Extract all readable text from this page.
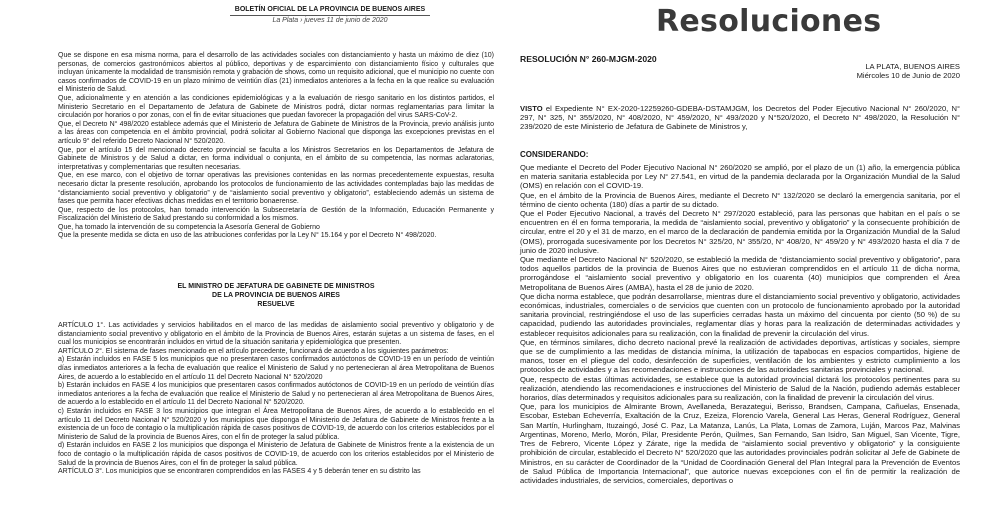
BOLETÍN OFICIAL DE LA PROVINCIA DE BUENOS AIRES
La Plata › jueves 11 de junio de 2020

Que se dispone en esa misma norma, para el desarrollo de las actividades sociales con distanciamiento y hasta un máximo de diez (10) personas, de comercios gastronómicos abiertos al público, deportivas y de esparcimiento con distanciamiento físico y culturales que incluyan únicamente la modalidad de transmisión remota y grabación de shows, como un requisito adicional, que el municipio no cuente con casos confirmados de COVID-19 en un plazo mínimo de veintiún días (21) inmediatos anteriores a la fecha en la que realice su evaluación el Ministerio de Salud.

Que, adicionalmente y en atención a las condiciones epidemiológicas y a la evaluación de riesgo sanitario en los distintos partidos, el Ministerio Secretario en el Departamento de Jefatura de Gabinete de Ministros podrá, dictar normas reglamentarias para limitar la circulación por horarios o por zonas, con el fin de evitar situaciones que puedan favorecer la propagación del virus SARS-CoV-2.

Que, el Decreto N° 498/2020 establece además que el Ministerio de Jefatura de Gabinete de Ministros de la Provincia, previo análisis junto a las áreas con competencia en el ámbito provincial, podrá solicitar al Gobierno Nacional que disponga las excepciones previstas en el artículo 9° del referido Decreto Nacional N° 520/2020.

Que, por el artículo 15 del mencionado decreto provincial se faculta a los Ministros Secretarios en los Departamentos de Jefatura de Gabinete de Ministros y de Salud a dictar, en forma individual o conjunta, en el ámbito de su competencia, las normas aclaratorias, interpretativas y complementarias que resulten necesarias.

Que, en ese marco, con el objetivo de tornar operativas las previsiones contenidas en las normas precedentemente expuestas, resulta necesario dictar la presente resolución, aprobando los protocolos de funcionamiento de las actividades contempladas bajo las medidas de “distanciamiento social preventivo y obligatorio” y de “aislamiento social preventivo y obligatorio”, estableciendo además un sistema de fases que permita hacer efectivas dichas medidas en el territorio bonaerense.

Que, respecto de los protocolos, han tomado intervención la Subsecretaría de Gestión de la Información, Educación Permanente y Fiscalización del Ministerio de Salud prestando su conformidad a los mismos.

Que, ha tomado la intervención de su competencia la Asesoría General de Gobierno

Que la presente medida se dicta en uso de las atribuciones conferidas por la Ley N° 15.164 y por el Decreto N° 498/2020.

EL MINISTRO DE JEFATURA DE GABINETE DE MINISTROS
DE LA PROVINCIA DE BUENOS AIRES
RESUELVE

ARTÍCULO 1°. Las actividades y servicios habilitados en el marco de las medidas de aislamiento social preventivo y obligatorio y de distanciamiento social preventivo y obligatorio en el ámbito de la Provincia de Buenos Aires, estarán sujetas a un sistema de fases, en el cual los municipios se encontrarán incluidos en virtud de la situación sanitaria y epidemiológica que presenten.

ARTÍCULO 2°. El sistema de fases mencionado en el artículo precedente, funcionará de acuerdo a los siguientes parámetros:

a) Estarán incluidos en FASE 5 los municipios que no presentaren casos confirmados autóctonos de COVID-19 en un período de veintiún días inmediatos anteriores a la fecha de evaluación que realice el Ministerio de Salud y no pertenecieran al área Metropolitana de Buenos Aires, de acuerdo a lo establecido en el artículo 11 del Decreto Nacional N° 520/2020

b) Estarán incluidos en FASE 4 los municipios que presentaren casos confirmados autóctonos de COVID-19 en un período de veintiún días inmediatos anteriores a la fecha de evaluación que realice el Ministerio de Salud y no pertenecieran al área Metropolitana de Buenos Aires, de acuerdo a lo establecido en el artículo 11 del Decreto Nacional N° 520/2020.

c) Estarán incluidos en FASE 3 los municipios que integran el Área Metropolitana de Buenos Aires, de acuerdo a lo establecido en el artículo 11 del Decreto Nacional N° 520/2020 y los municipios que disponga el Ministerio de Jefatura de Gabinete de Ministros frente a la existencia de un foco de contagio o la multiplicación rápida de casos positivos de COVID-19, de acuerdo con los criterios establecidos por el Ministerio de Salud de la provincia de Buenos Aires, con el fin de proteger la salud pública.

d) Estarán incluidos en FASE 2 los municipios que disponga el Ministerio de Jefatura de Gabinete de Ministros frente a la existencia de un foco de contagio o la multiplicación rápida de casos positivos de COVID-19, de acuerdo con los criterios establecidos por el Ministerio de Salud de la provincia de Buenos Aires, con el fin de proteger la salud pública.

ARTÍCULO 3°. Los municipios que se encontraren comprendidos en las FASES 4 y 5 deberán tener en su distrito las

Resoluciones
RESOLUCIÓN N° 260-MJGM-2020
LA PLATA, BUENOS AIRES
Miércoles 10 de Junio de 2020
VISTO el Expediente N° EX-2020-12259260-GDEBA-DSTAMJGM, los Decretos del Poder Ejecutivo Nacional N° 260/2020, N° 297, N° 325, N° 355/2020, N° 408/2020, N° 459/2020, N° 493/2020 y N°520/2020, el Decreto N° 498/2020, la Resolución N° 239/2020 de este Ministerio de Jefatura de Gabinete de Ministros y,
CONSIDERANDO:

Que mediante el Decreto del Poder Ejecutivo Nacional N° 260/2020 se amplió, por el plazo de un (1) año, la emergencia pública en materia sanitaria establecida por Ley N° 27.541, en virtud de la pandemia declarada por la Organización Mundial de la Salud (OMS) en relación con el COVID-19.

Que, en el ámbito de la Provincia de Buenos Aires, mediante el Decreto N° 132/2020 se declaró la emergencia sanitaria, por el término de ciento ochenta (180) días a partir de su dictado.

Que el Poder Ejecutivo Nacional, a través del Decreto N° 297/2020 estableció, para las personas que habitan en el país o se encuentren en él en forma temporaria, la medida de “aislamiento social, preventivo y obligatorio” y la consecuente prohibición de circular, entre el 20 y el 31 de marzo, en el marco de la declaración de pandemia emitida por la Organización Mundial de la Salud (OMS), prorrogada sucesivamente por los Decretos N° 325/20, N° 355/20, N° 408/20, N° 459/20 y N° 493/2020 hasta el día 7 de junio de 2020 inclusive.

Que mediante el Decreto Nacional N° 520/2020, se estableció la medida de “distanciamiento social preventivo y obligatorio”, para todos aquellos partidos de la provincia de Buenos Aires que no estuvieran comprendidos en el artículo 11 de dicha norma, prorrogándose el “aislamiento social preventivo y obligatorio en los cuarenta (40) municipios que comprenden el Área Metropolitana de Buenos Aires (AMBA), hasta el 28 de junio de 2020.

Que dicha norma establece, que podrán desarrollarse, mientras dure el distanciamiento social preventivo y obligatorio, actividades económicas, industriales, comerciales o de servicios que cuenten con un protocolo de funcionamiento aprobado por la autoridad sanitaria provincial, restringiéndose el uso de las superficies cerradas hasta un máximo del cincuenta por ciento (50 %) de su capacidad, pudiendo las autoridades provinciales, reglamentar días y horas para la realización de determinadas actividades y establecer requisitos adicionales para su realización, con la finalidad de prevenir la circulación del virus.

Que, en términos similares, dicho decreto nacional prevé la realización de actividades deportivas, artísticas y sociales, siempre que se de cumplimiento a las medidas de distancia mínima, la utilización de tapabocas en espacios compartidos, higiene de manos, toser en el pliegue del codo, desinfección de superficies, ventilación de los ambientes y estricto cumplimiento a los protocolos de actividades y a las recomendaciones e instrucciones de las autoridades sanitarias provinciales y nacional.

Que, respecto de estas últimas actividades, se establece que la autoridad provincial dictará los protocolos pertinentes para su realización, atendiendo las recomendaciones e instrucciones del Ministerio de Salud de la Nación, pudiendo además establecer horarios, días determinados y requisitos adicionales para su realización, con la finalidad de prevenir la circulación del virus.

Que, para los municipios de Almirante Brown, Avellaneda, Berazategui, Berisso, Brandsen, Campana, Cañuelas, Ensenada, Escobar, Esteban Echeverría, Exaltación de la Cruz, Ezeiza, Florencio Varela, General Las Heras, General Rodríguez, General San Martín, Hurlingham, Ituzaingó, José C. Paz, La Matanza, Lanús, La Plata, Lomas de Zamora, Luján, Marcos Paz, Malvinas Argentinas, Moreno, Merlo, Morón, Pilar, Presidente Perón, Quilmes, San Fernando, San Isidro, San Miguel, San Vicente, Tigre, Tres de Febrero, Vicente López y Zárate, rige la medida de “aislamiento social preventivo y obligatorio” y la consiguiente prohibición de circular, establecido el Decreto N° 520/2020 que las autoridades provinciales podrán solicitar al Jefe de Gabinete de Ministros, en su carácter de Coordinador de la “Unidad de Coordinación General del Plan Integral para la Prevención de Eventos de Salud Pública de Importancia Internacional”, que autorice nuevas excepciones con el fin de permitir la realización de actividades industriales, de servicios, comerciales, deportivas o
